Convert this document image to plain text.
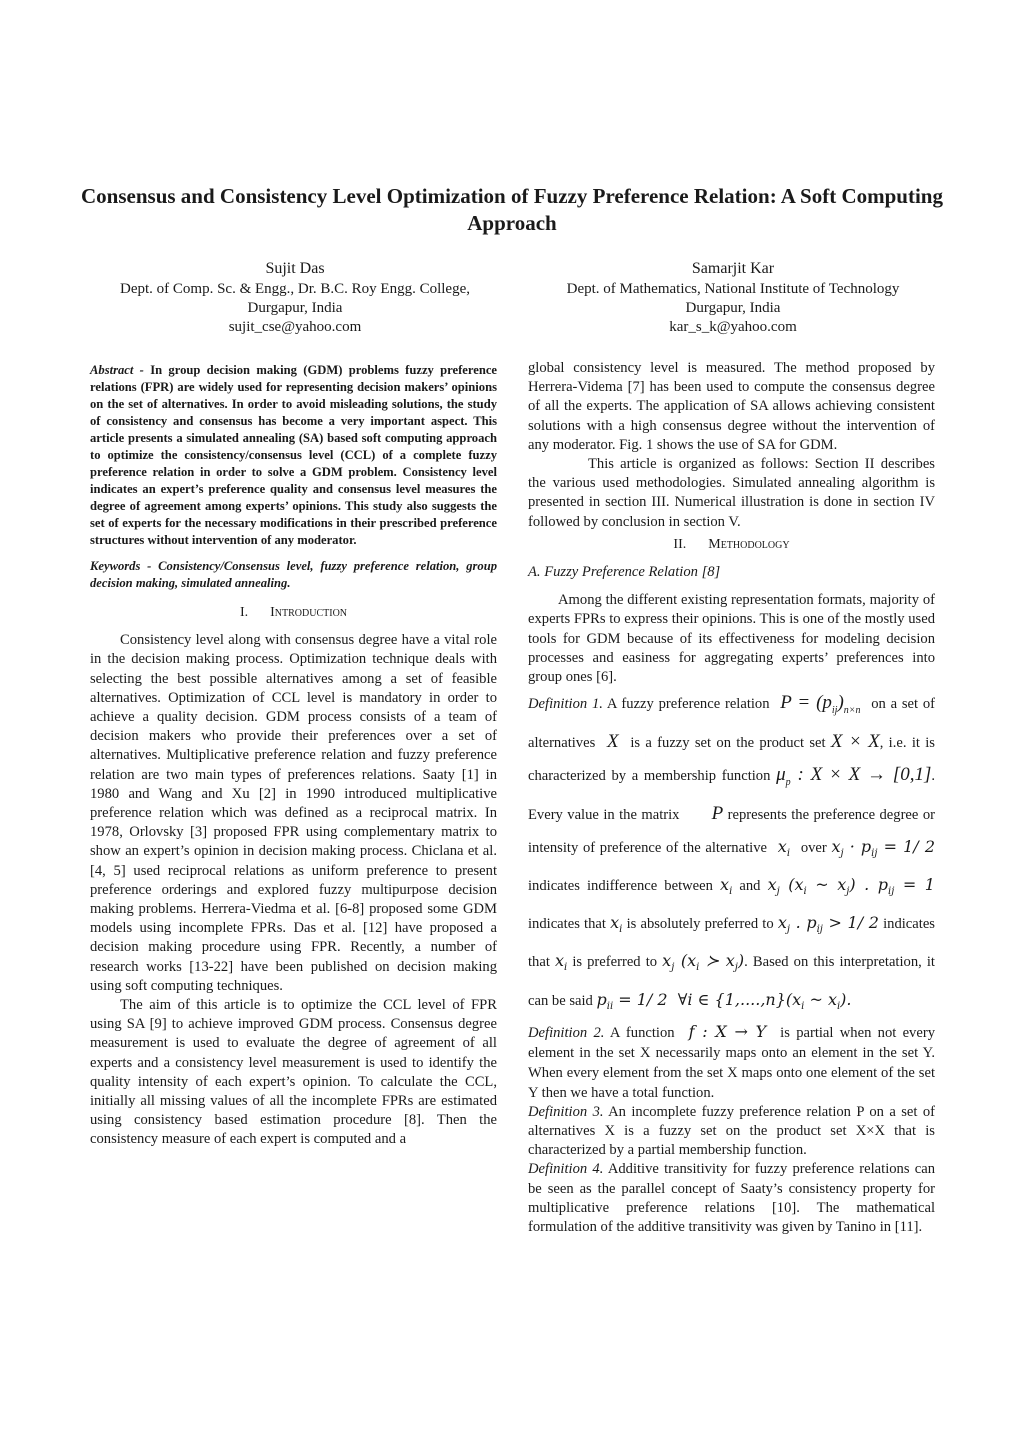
Consensus and Consistency Level Optimization of Fuzzy Preference Relation: A Soft Computing Approach
Sujit Das
Dept. of Comp. Sc. & Engg., Dr. B.C. Roy Engg. College,
Durgapur, India
sujit_cse@yahoo.com
Samarjit Kar
Dept. of Mathematics, National Institute of Technology
Durgapur, India
kar_s_k@yahoo.com

Abstract - In group decision making (GDM) problems fuzzy preference relations (FPR) are widely used for representing decision makers’ opinions on the set of alternatives. In order to avoid misleading solutions, the study of consistency and consensus has become a very important aspect. This article presents a simulated annealing (SA) based soft computing approach to optimize the consistency/consensus level (CCL) of a complete fuzzy preference relation in order to solve a GDM problem. Consistency level indicates an expert’s preference quality and consensus level measures the degree of agreement among experts’ opinions. This study also suggests the set of experts for the necessary modifications in their prescribed preference structures without intervention of any moderator.

Keywords - Consistency/Consensus level, fuzzy preference relation, group decision making, simulated annealing.

I. Introduction

Consistency level along with consensus degree have a vital role in the decision making process. Optimization technique deals with selecting the best possible alternatives among a set of feasible alternatives. Optimization of CCL level is mandatory in order to achieve a quality decision. GDM process consists of a team of decision makers who provide their preferences over a set of alternatives. Multiplicative preference relation and fuzzy preference relation are two main types of preferences relations. Saaty [1] in 1980 and Wang and Xu [2] in 1990 introduced multiplicative preference relation which was defined as a reciprocal matrix. In 1978, Orlovsky [3] proposed FPR using complementary matrix to show an expert’s opinion in decision making process. Chiclana et al. [4, 5] used reciprocal relations as uniform preference to present preference orderings and explored fuzzy multipurpose decision making problems. Herrera-Viedma et al. [6-8] proposed some GDM models using incomplete FPRs. Das et al. [12] have proposed a decision making procedure using FPR. Recently, a number of research works [13-22] have been published on decision making using soft computing techniques.

The aim of this article is to optimize the CCL level of FPR using SA [9] to achieve improved GDM process. Consensus degree measurement is used to evaluate the degree of agreement of all experts and a consistency level measurement is used to identify the quality intensity of each expert’s opinion. To calculate the CCL, initially all missing values of all the incomplete FPRs are estimated using consistency based estimation procedure [8]. Then the consistency measure of each expert is computed and a

global consistency level is measured. The method proposed by Herrera-Videma [7] has been used to compute the consensus degree of all the experts. The application of SA allows achieving consistent solutions with a high consensus degree without the intervention of any moderator. Fig. 1 shows the use of SA for GDM.

This article is organized as follows: Section II describes the various used methodologies. Simulated annealing algorithm is presented in section III. Numerical illustration is done in section IV followed by conclusion in section V.

II. Methodology

A. Fuzzy Preference Relation [8]

Among the different existing representation formats, majority of experts FPRs to express their opinions. This is one of the mostly used tools for GDM because of its effectiveness for modeling decision processes and easiness for aggregating experts’ preferences into group ones [6].

Definition 1. A fuzzy preference relation  $P = (p_{ij})_{n\times n}$ on a set of alternatives  X  is a fuzzy set on the product set X × X, i.e. it is characterized by a membership function $\mu_p$ : X × X → [0,1]. Every value in the matrix      P represents the preference degree or intensity of preference of the alternative  $x_i$ over $x_j \cdot p_{ij} = 1/$ 2 indicates indifference between $x_i$ and $x_j$ ($x_i$ ~ $x_j$) . $p_{ij} = 1$ indicates that $x_i$ is absolutely preferred to $x_j$ . $p_{ij} > 1/$ 2 indicates that $x_i$ is preferred to $x_j$ ($x_i$ ≻ $x_j$). Based on this interpretation, it can be said $p_{ii} = 1/$ 2  ∀i ∈ $\{1,....,n\}(x_i$ ~ $x_i$).

Definition 2. A function  f : X → Y  is partial when not every element in the set X necessarily maps onto an element in the set Y. When every element from the set X maps onto one element of the set Y then we have a total function.

Definition 3. An incomplete fuzzy preference relation P on a set of alternatives X is a fuzzy set on the product set X×X that is characterized by a partial membership function.

Definition 4. Additive transitivity for fuzzy preference relations can be seen as the parallel concept of Saaty’s consistency property for multiplicative preference relations [10]. The mathematical formulation of the additive transitivity was given by Tanino in [11].
